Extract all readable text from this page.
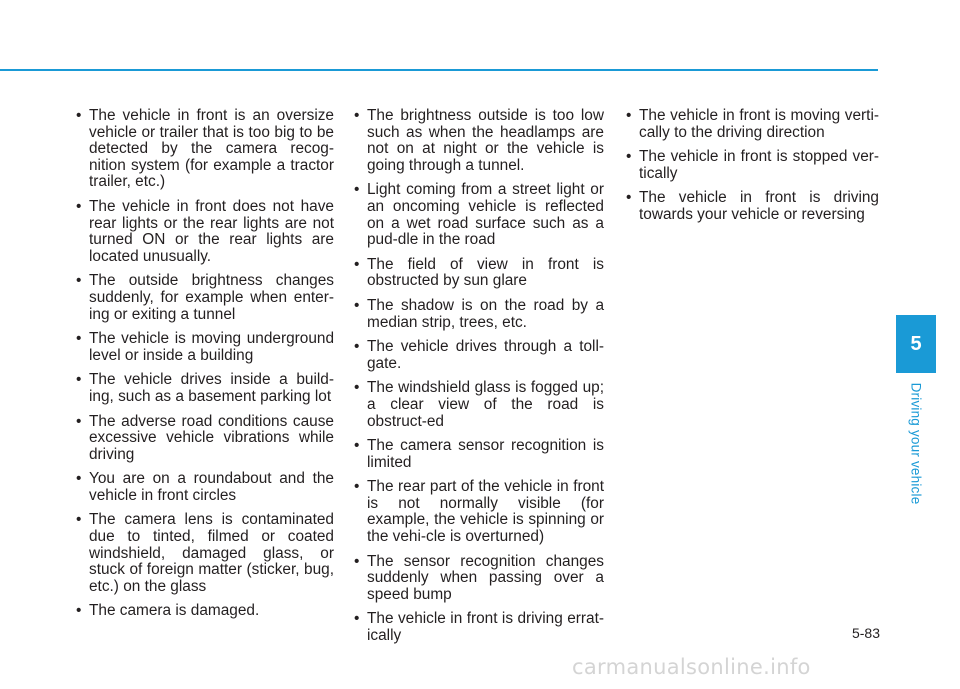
• The vehicle in front is an oversize vehicle or trailer that is too big to be detected by the camera recog-nition system (for example a tractor trailer, etc.)
• The vehicle in front does not have rear lights or the rear lights are not turned ON or the rear lights are located unusually.
• The outside brightness changes suddenly, for example when enter-ing or exiting a tunnel
• The vehicle is moving underground level or inside a building
• The vehicle drives inside a build-ing, such as a basement parking lot
• The adverse road conditions cause excessive vehicle vibrations while driving
• You are on a roundabout and the vehicle in front circles
• The camera lens is contaminated due to tinted, filmed or coated windshield, damaged glass, or stuck of foreign matter (sticker, bug, etc.) on the glass
• The camera is damaged.
• The brightness outside is too low such as when the headlamps are not on at night or the vehicle is going through a tunnel.
• Light coming from a street light or an oncoming vehicle is reflected on a wet road surface such as a pud-dle in the road
• The field of view in front is obstructed by sun glare
• The shadow is on the road by a median strip, trees, etc.
• The vehicle drives through a toll-gate.
• The windshield glass is fogged up; a clear view of the road is obstruct-ed
• The camera sensor recognition is limited
• The rear part of the vehicle in front is not normally visible (for example, the vehicle is spinning or the vehi-cle is overturned)
• The sensor recognition changes suddenly when passing over a speed bump
• The vehicle in front is driving errat-ically
• The vehicle in front is moving verti-cally to the driving direction
• The vehicle in front is stopped ver-tically
• The vehicle in front is driving towards your vehicle or reversing
5
Driving your vehicle
5-83
carmanualsonline.info
